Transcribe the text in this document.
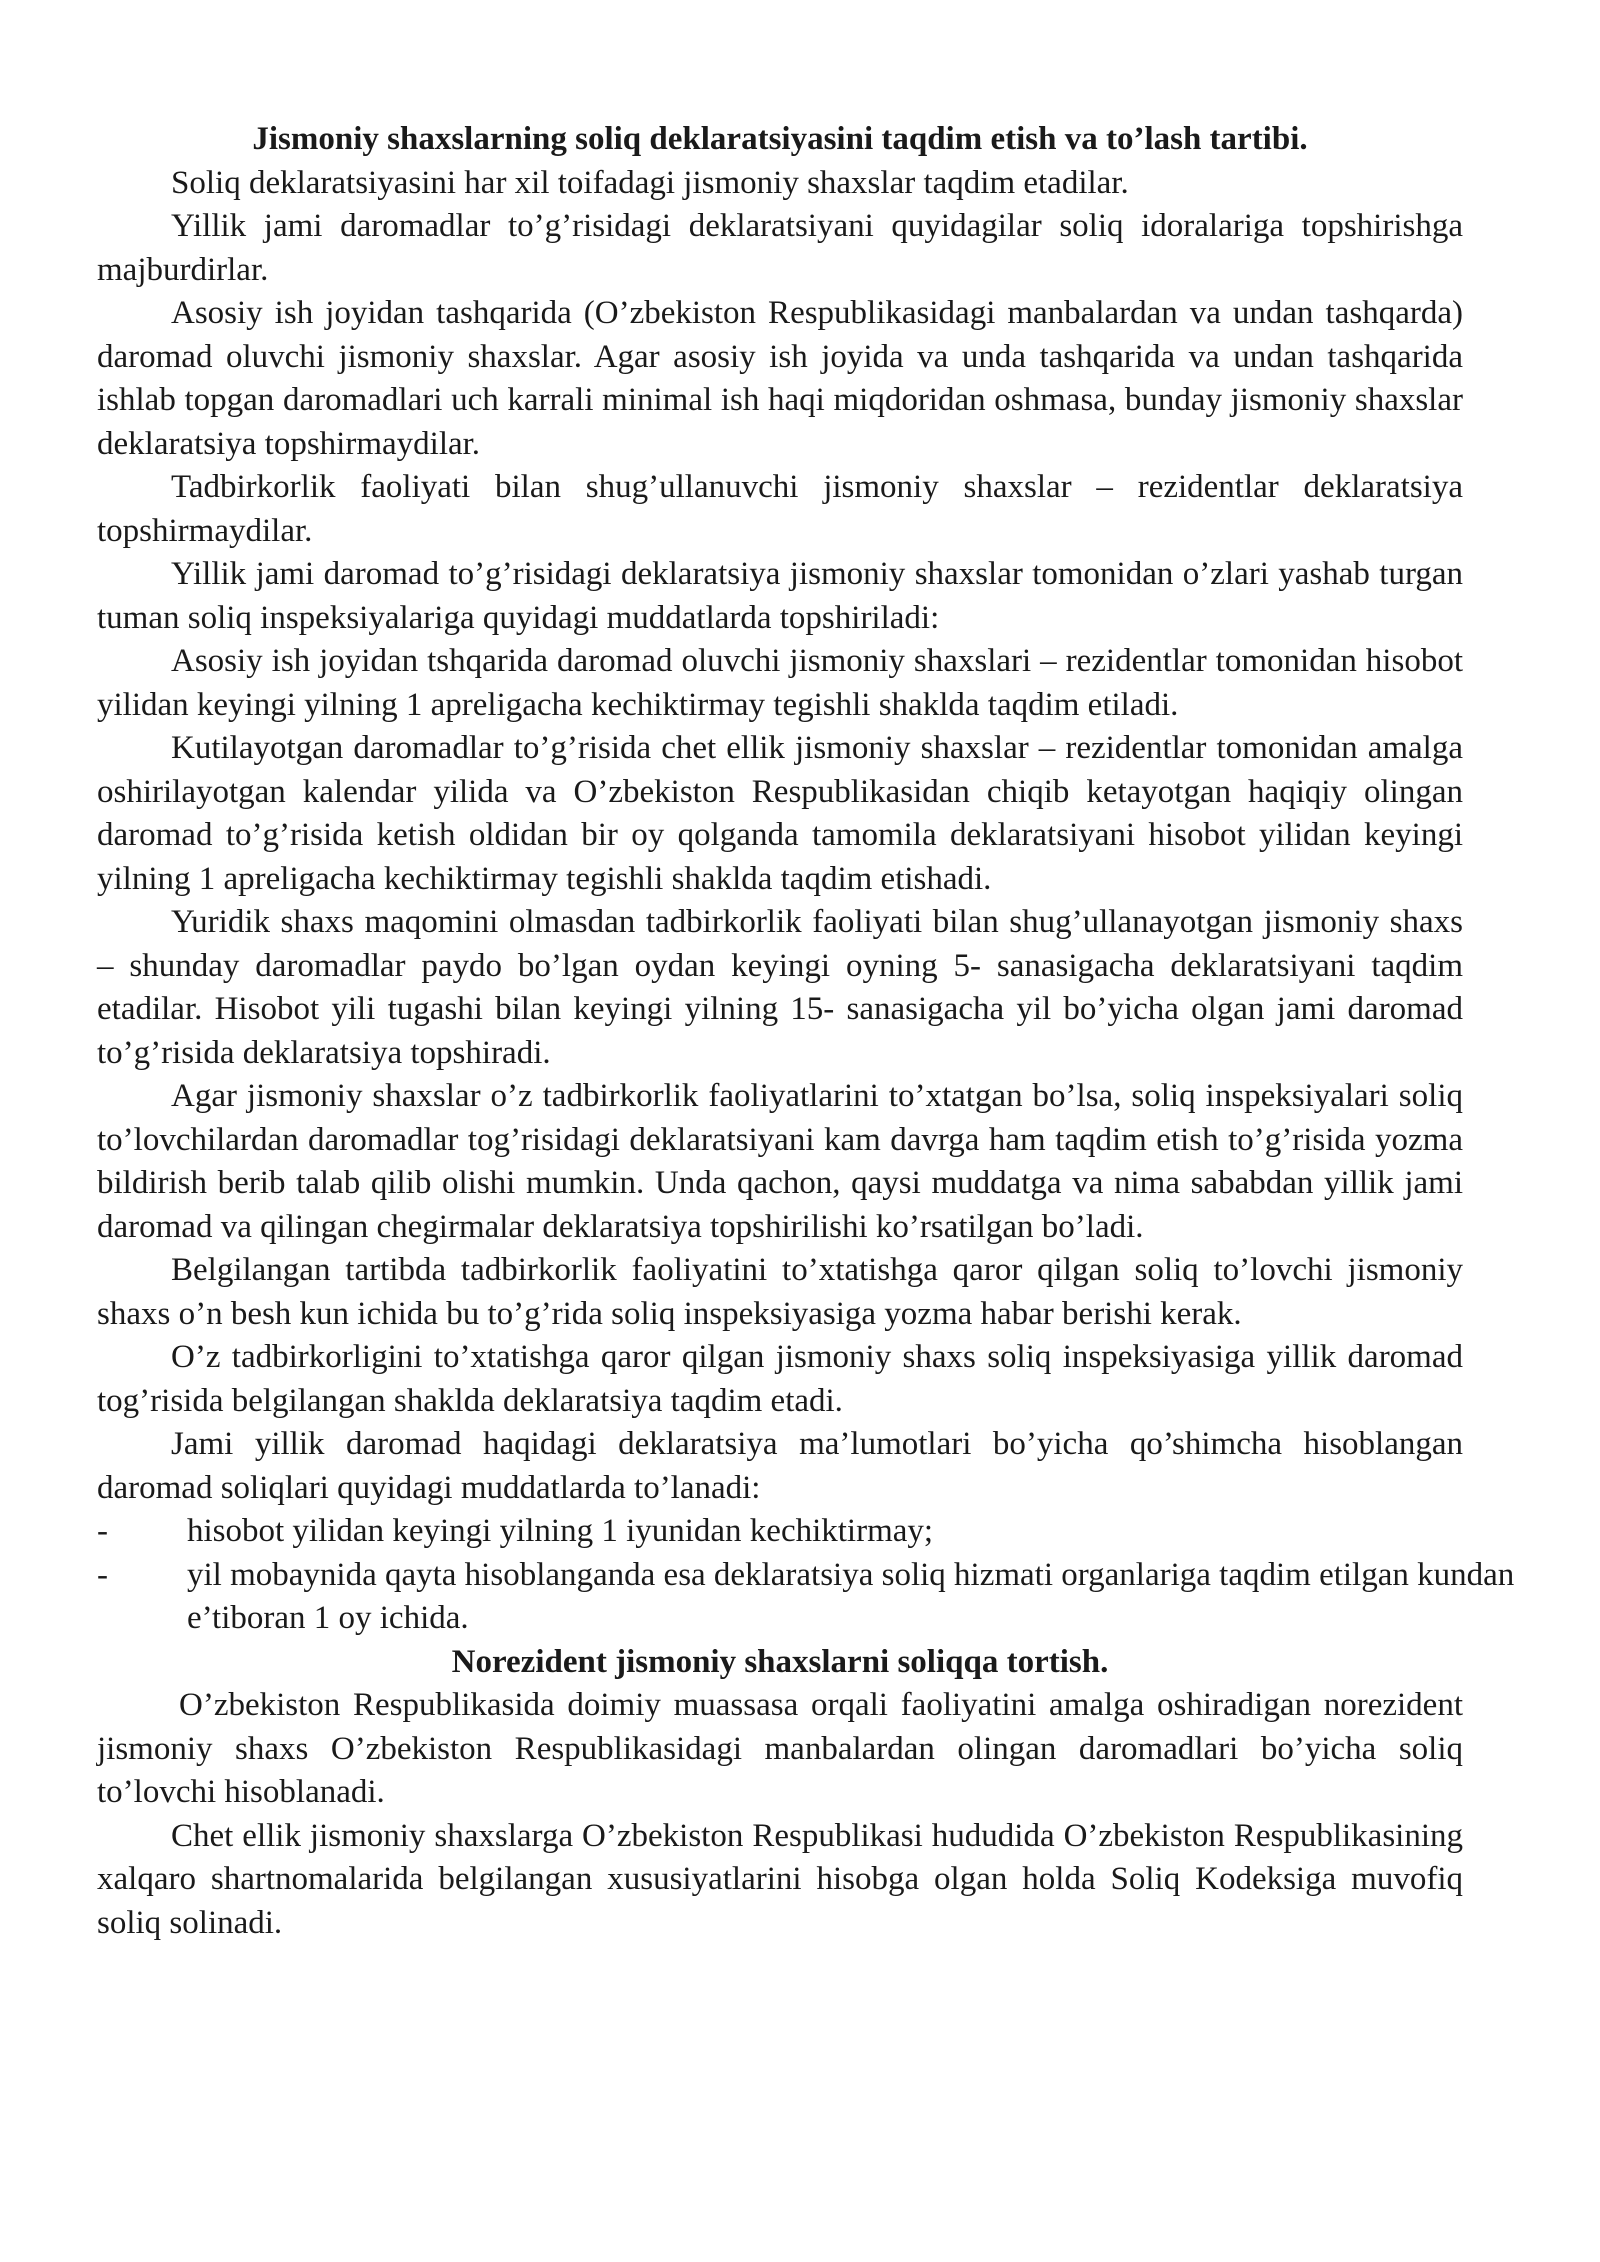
Jismoniy shaxslarning soliq deklaratsiyasini taqdim etish va to’lash tartibi.

Soliq deklaratsiyasini har xil toifadagi jismoniy shaxslar taqdim etadilar.

Yillik jami daromadlar to’g’risidagi deklaratsiyani quyidagilar soliq idoralariga topshirishga majburdirlar.

Asosiy ish joyidan tashqarida (O’zbekiston Respublikasidagi manbalardan va undan tashqarda) daromad oluvchi jismoniy shaxslar. Agar asosiy ish joyida va unda tashqarida va undan tashqarida ishlab topgan daromadlari uch karrali minimal ish haqi miqdoridan oshmasa, bunday jismoniy shaxslar deklaratsiya topshirmaydilar.

Tadbirkorlik faoliyati bilan shug’ullanuvchi jismoniy shaxslar – rezidentlar deklaratsiya topshirmaydilar.

Yillik jami daromad to’g’risidagi deklaratsiya jismoniy shaxslar tomonidan o’zlari yashab turgan tuman soliq inspeksiyalariga quyidagi muddatlarda topshiriladi:

Asosiy ish joyidan tshqarida daromad oluvchi jismoniy shaxslari – rezidentlar tomonidan hisobot yilidan keyingi yilning 1 apreligacha kechiktirmay tegishli shaklda taqdim etiladi.

Kutilayotgan daromadlar to’g’risida chet ellik jismoniy shaxslar – rezidentlar tomonidan amalga oshirilayotgan kalendar yilida va O’zbekiston Respublikasidan chiqib ketayotgan haqiqiy olingan daromad to’g’risida ketish oldidan bir oy qolganda tamomila deklaratsiyani hisobot yilidan keyingi yilning 1 apreligacha kechiktirmay tegishli shaklda taqdim etishadi.

Yuridik shaxs maqomini olmasdan tadbirkorlik faoliyati bilan shug’ullanayotgan jismoniy shaxs – shunday daromadlar paydo bo’lgan oydan keyingi oyning 5- sanasigacha deklaratsiyani taqdim etadilar. Hisobot yili tugashi bilan keyingi yilning 15- sanasigacha yil bo’yicha olgan jami daromad to’g’risida deklaratsiya topshiradi.

Agar jismoniy shaxslar o’z tadbirkorlik faoliyatlarini to’xtatgan bo’lsa, soliq inspeksiyalari soliq to’lovchilardan daromadlar tog’risidagi deklaratsiyani kam davrga ham taqdim etish to’g’risida yozma bildirish berib talab qilib olishi mumkin. Unda qachon, qaysi muddatga va nima sababdan yillik jami daromad va qilingan chegirmalar deklaratsiya topshirilishi ko’rsatilgan bo’ladi.

Belgilangan tartibda tadbirkorlik faoliyatini to’xtatishga qaror qilgan soliq to’lovchi jismoniy shaxs o’n besh kun ichida bu to’g’rida soliq inspeksiyasiga yozma habar berishi kerak.

O’z tadbirkorligini to’xtatishga qaror qilgan jismoniy shaxs soliq inspeksiyasiga yillik daromad tog’risida belgilangan shaklda deklaratsiya taqdim etadi.

Jami yillik daromad haqidagi deklaratsiya ma’lumotlari bo’yicha qo’shimcha hisoblangan daromad soliqlari quyidagi muddatlarda to’lanadi:

- hisobot yilidan keyingi yilning 1 iyunidan kechiktirmay;
- yil mobaynida qayta hisoblanganda esa deklaratsiya soliq hizmati organlariga taqdim etilgan kundan e’tiboran 1 oy ichida.

Norezident jismoniy shaxslarni soliqqa tortish.

O’zbekiston Respublikasida doimiy muassasa orqali faoliyatini amalga oshiradigan norezident jismoniy shaxs O’zbekiston Respublikasidagi manbalardan olingan daromadlari bo’yicha soliq to’lovchi hisoblanadi.

Chet ellik jismoniy shaxslarga O’zbekiston Respublikasi hududida O’zbekiston Respublikasining xalqaro shartnomalarida belgilangan xususiyatlarini hisobga olgan holda Soliq Kodeksiga muvofiq soliq solinadi.
